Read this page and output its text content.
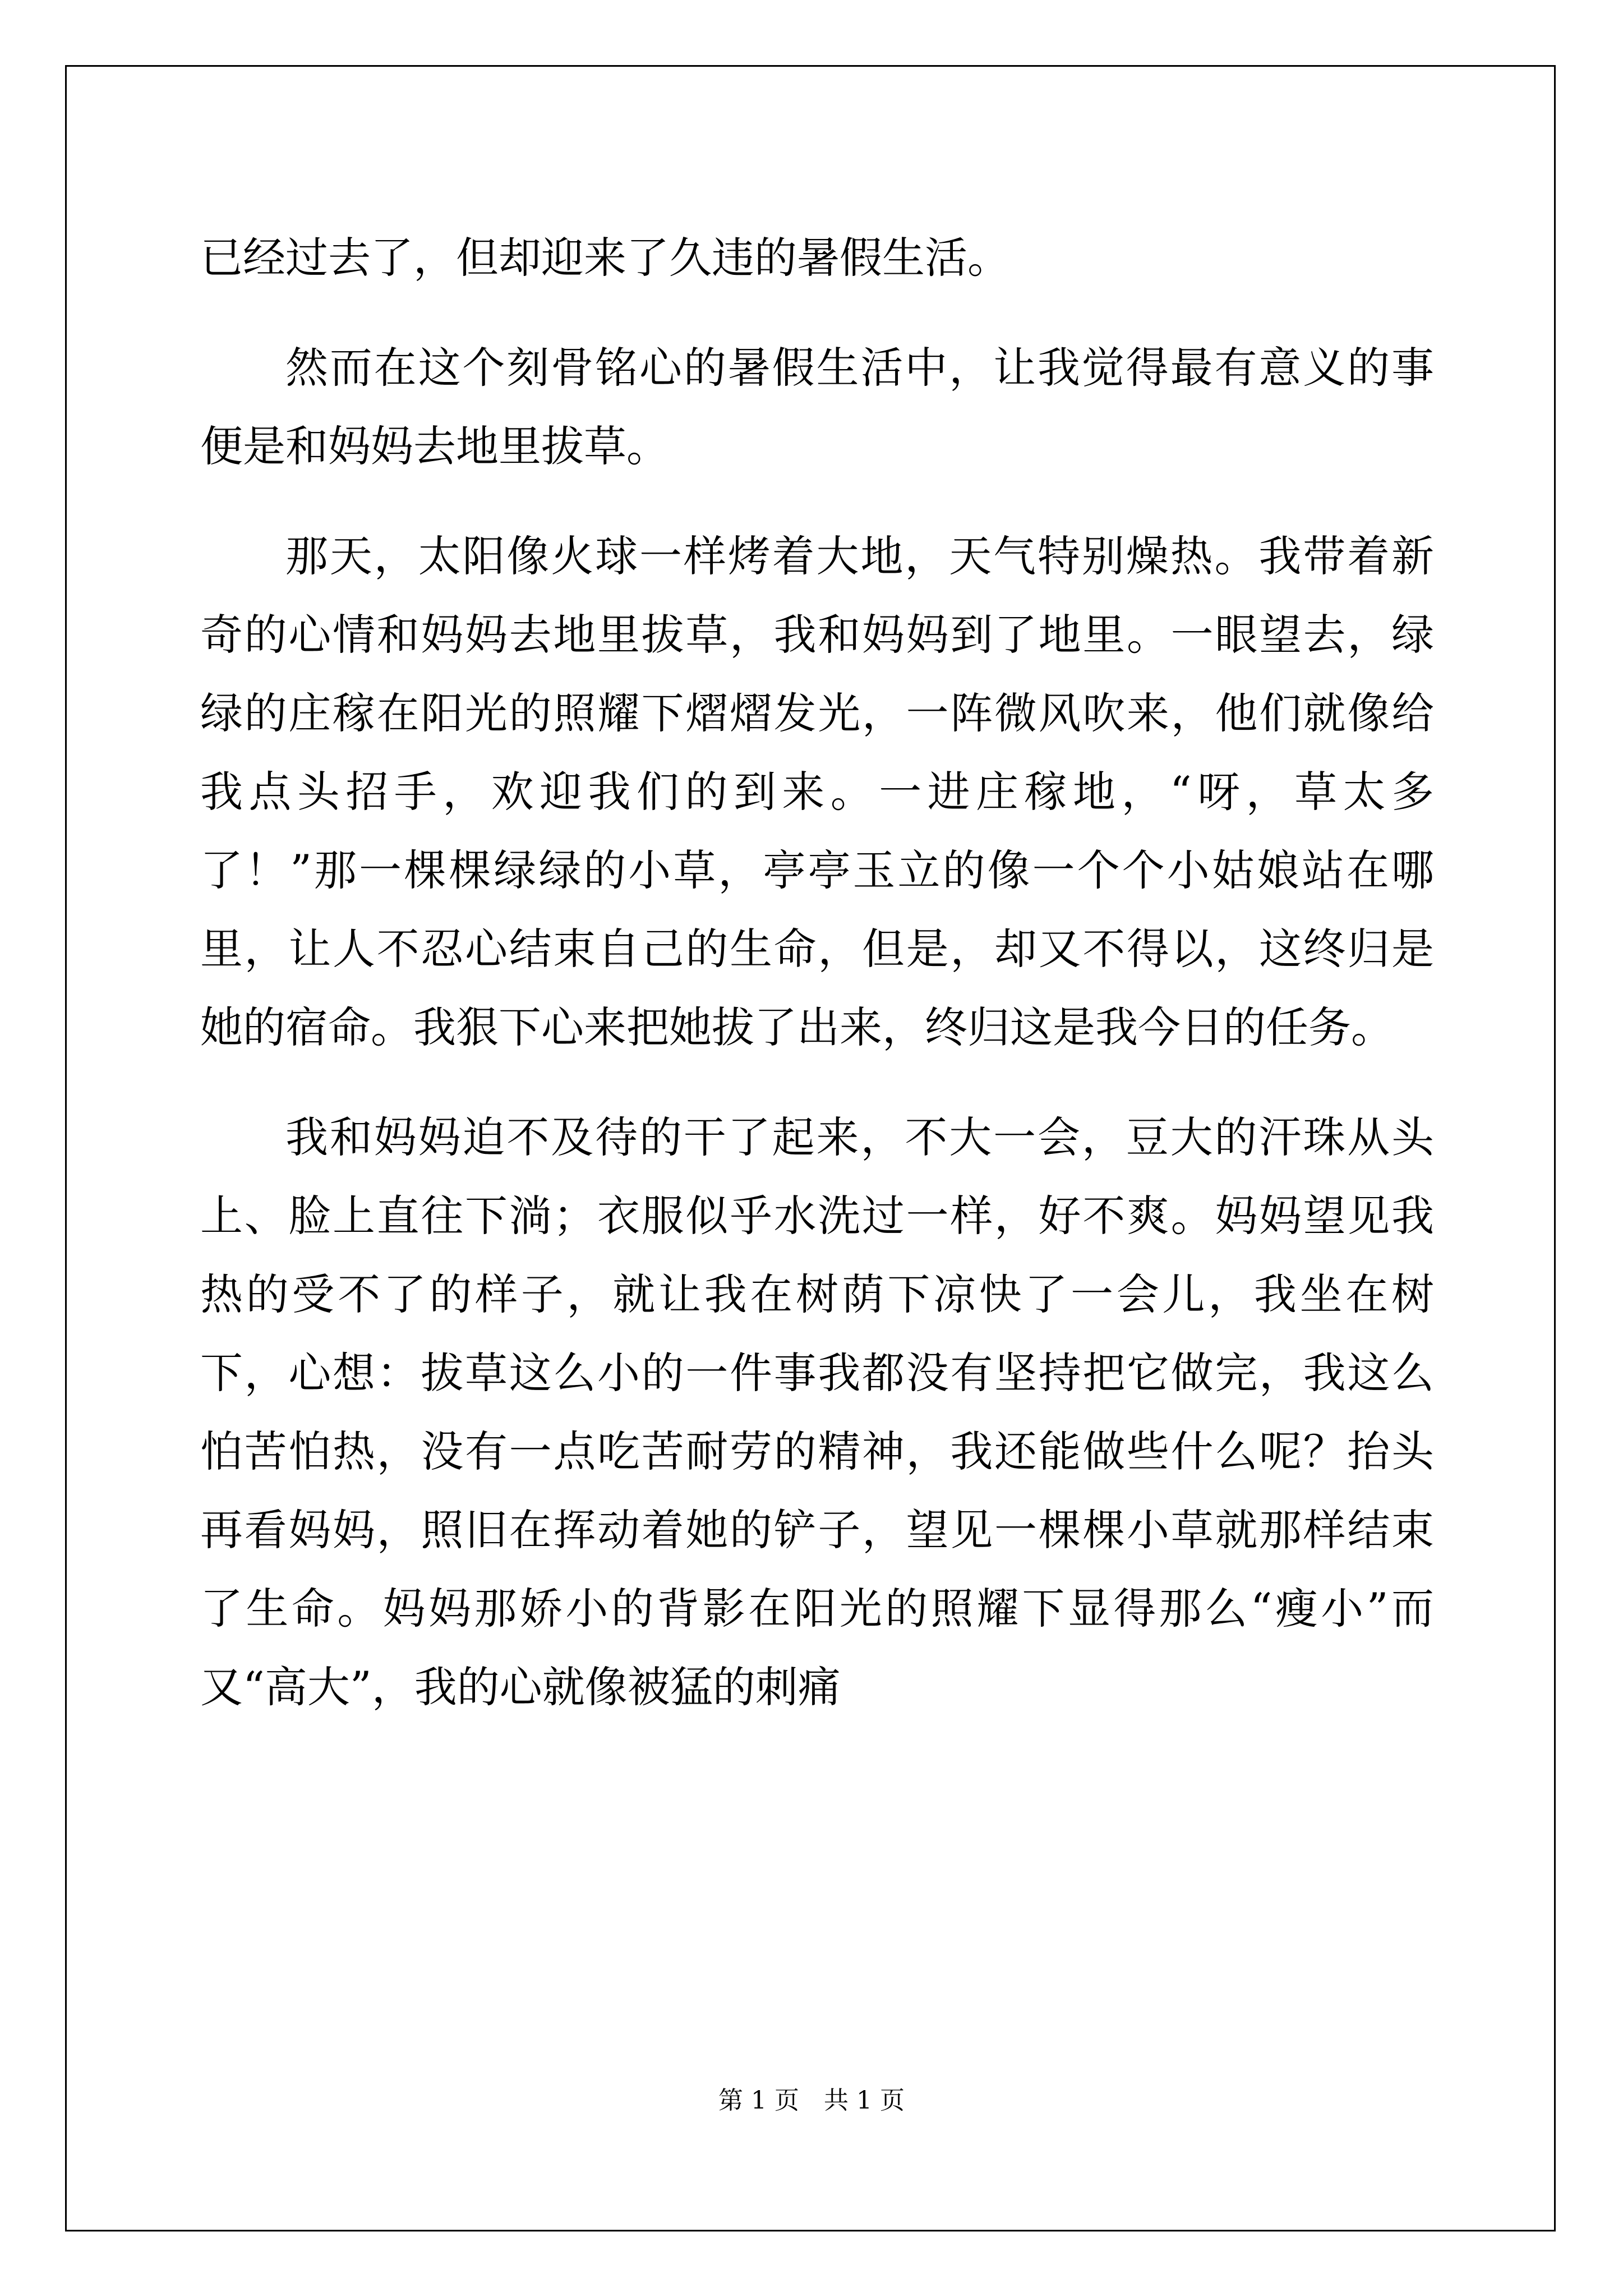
已经过去了，但却迎来了久违的暑假生活。

然而在这个刻骨铭心的暑假生活中，让我觉得最有意义的事便是和妈妈去地里拔草。

那天，太阳像火球一样烤着大地，天气特别燥热。我带着新奇的心情和妈妈去地里拔草，我和妈妈到了地里。一眼望去，绿绿的庄稼在阳光的照耀下熠熠发光，一阵微风吹来，他们就像给我点头招手，欢迎我们的到来。一进庄稼地，“呀，草太多了！”那一棵棵绿绿的小草，亭亭玉立的像一个个小姑娘站在哪里，让人不忍心结束自己的生命，但是，却又不得以，这终归是她的宿命。我狠下心来把她拔了出来，终归这是我今日的任务。

我和妈妈迫不及待的干了起来，不大一会，豆大的汗珠从头上、脸上直往下淌；衣服似乎水洗过一样，好不爽。妈妈望见我热的受不了的样子，就让我在树荫下凉快了一会儿，我坐在树下，心想：拔草这么小的一件事我都没有坚持把它做完，我这么怕苦怕热，没有一点吃苦耐劳的精神，我还能做些什么呢？抬头再看妈妈，照旧在挥动着她的铲子，望见一棵棵小草就那样结束了生命。妈妈那娇小的背影在阳光的照耀下显得那么“瘦小”而又“高大”，我的心就像被猛的刺痛

第 1 页　共 1 页
